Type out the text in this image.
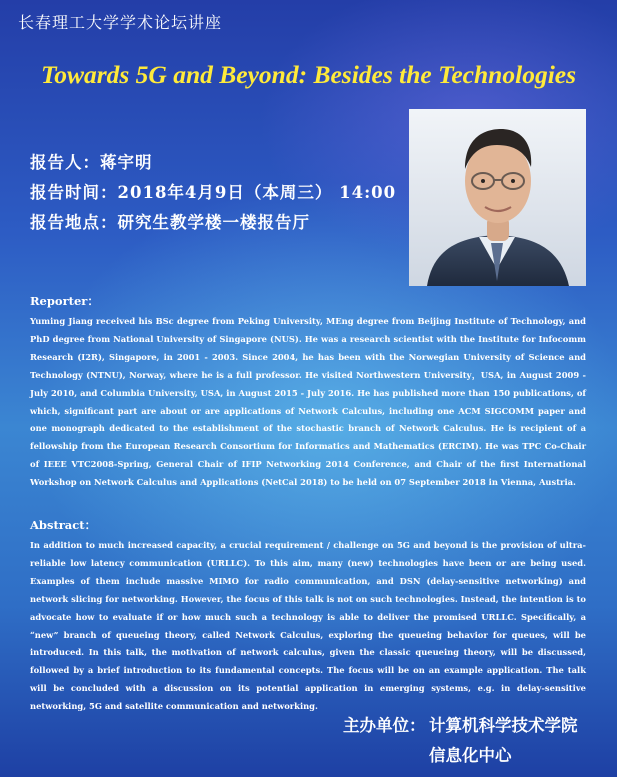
长春理工大学学术论坛讲座
Towards 5G and Beyond: Besides the Technologies
报告人：蒋宇明
报告时间：2018年4月9日（本周三） 14:00
报告地点：研究生教学楼一楼报告厅
Reporter：
Yuming Jiang received his BSc degree from Peking University, MEng degree from Beijing Institute of Technology, and PhD degree from National University of Singapore (NUS). He was a research scientist with the Institute for Infocomm Research (I2R), Singapore, in 2001 - 2003. Since 2004, he has been with the Norwegian University of Science and Technology (NTNU), Norway, where he is a full professor. He visited Northwestern University，USA, in August 2009 - July 2010, and Columbia University, USA, in August 2015 - July 2016. He has published more than 150 publications, of which, significant part are about or are applications of Network Calculus, including one ACM SIGCOMM paper and one monograph dedicated to the establishment of the stochastic branch of Network Calculus. He is recipient of a fellowship from the European Research Consortium for Informatics and Mathematics (ERCIM). He was TPC Co-Chair of IEEE VTC2008-Spring, General Chair of IFIP Networking 2014 Conference, and Chair of the first International Workshop on Network Calculus and Applications (NetCal 2018) to be held on 07 September 2018 in Vienna, Austria.
Abstract：
In addition to much increased capacity, a crucial requirement / challenge on 5G and beyond is the provision of ultra-reliable low latency communication (URLLC). To this aim, many (new) technologies have been or are being used. Examples of them include massive MIMO for radio communication, and DSN (delay-sensitive networking) and network slicing for networking. However, the focus of this talk is not on such technologies. Instead, the intention is to advocate how to evaluate if or how much such a technology is able to deliver the promised URLLC. Specifically, a “new” branch of queueing theory, called Network Calculus, exploring the queueing behavior for queues, will be introduced. In this talk, the motivation of network calculus, given the classic queueing theory, will be discussed, followed by a brief introduction to its fundamental concepts. The focus will be on an example application. The talk will be concluded with a discussion on its potential application in emerging systems, e.g. in delay-sensitive networking, 5G and satellite communication and networking.
主办单位： 计算机科学技术学院
信息化中心
